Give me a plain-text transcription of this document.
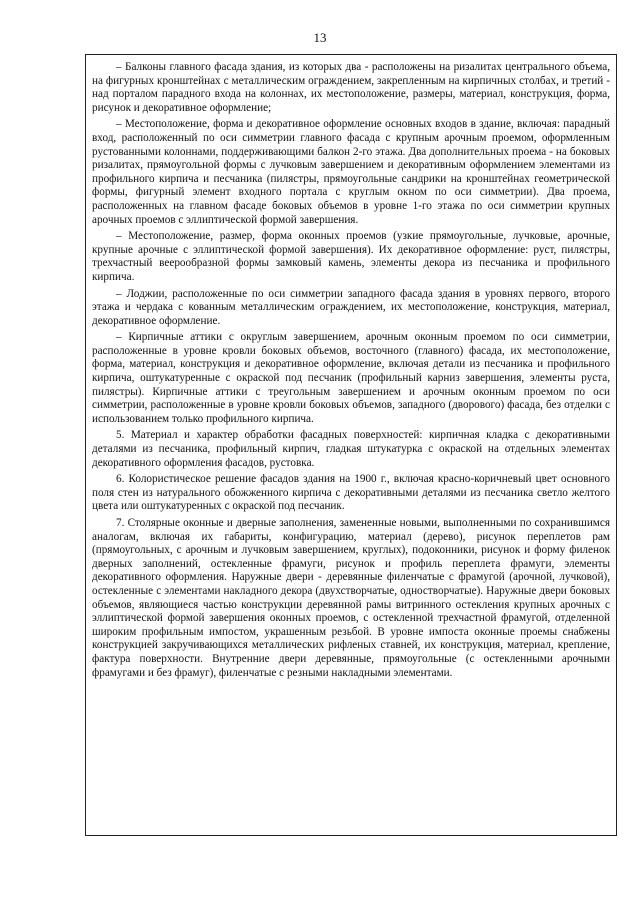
13

– Балконы главного фасада здания, из которых два - расположены на ризалитах центрального объема, на фигурных кронштейнах с металлическим ограждением, закрепленным на кирпичных столбах, и третий - над порталом парадного входа на колоннах, их местоположение, размеры, материал, конструкция, форма, рисунок и декоративное оформление;

– Местоположение, форма и декоративное оформление основных входов в здание, включая: парадный вход, расположенный по оси симметрии главного фасада с крупным арочным проемом, оформленным рустованными колоннами, поддерживающими балкон 2-го этажа. Два дополнительных проема - на боковых ризалитах, прямоугольной формы с лучковым завершением и декоративным оформлением элементами из профильного кирпича и песчаника (пилястры, прямоугольные сандрики на кронштейнах геометрической формы, фигурный элемент входного портала с круглым окном по оси симметрии). Два проема, расположенных на главном фасаде боковых объемов в уровне 1-го этажа по оси симметрии крупных арочных проемов с эллиптической формой завершения.

– Местоположение, размер, форма оконных проемов (узкие прямоугольные, лучковые, арочные, крупные арочные с эллиптической формой завершения). Их декоративное оформление: руст, пилястры, трехчастный веерообразной формы замковый камень, элементы декора из песчаника и профильного кирпича.

– Лоджии, расположенные по оси симметрии западного фасада здания в уровнях первого, второго этажа и чердака с кованным металлическим ограждением, их местоположение, конструкция, материал, декоративное оформление.

– Кирпичные аттики с округлым завершением, арочным оконным проемом по оси симметрии, расположенные в уровне кровли боковых объемов, восточного (главного) фасада, их местоположение, форма, материал, конструкция и декоративное оформление, включая детали из песчаника и профильного кирпича, оштукатуренные с окраской под песчаник (профильный карниз завершения, элементы руста, пилястры). Кирпичные аттики с треугольным завершением и арочным оконным проемом по оси симметрии, расположенные в уровне кровли боковых объемов, западного (дворового) фасада, без отделки с использованием только профильного кирпича.

5. Материал и характер обработки фасадных поверхностей: кирпичная кладка с декоративными деталями из песчаника, профильный кирпич, гладкая штукатурка с окраской на отдельных элементах декоративного оформления фасадов, рустовка.

6. Колористическое решение фасадов здания на 1900 г., включая красно-коричневый цвет основного поля стен из натурального обожженного кирпича с декоративными деталями из песчаника светло желтого цвета или оштукатуренных с окраской под песчаник.

7. Столярные оконные и дверные заполнения, замененные новыми, выполненными по сохранившимся аналогам, включая их габариты, конфигурацию, материал (дерево), рисунок переплетов рам (прямоугольных, с арочным и лучковым завершением, круглых), подоконники, рисунок и форму филенок дверных заполнений, остекленные фрамуги, рисунок и профиль переплета фрамуги, элементы декоративного оформления. Наружные двери - деревянные филенчатые с фрамугой (арочной, лучковой), остекленные с элементами накладного декора (двухстворчатые, одностворчатые). Наружные двери боковых объемов, являющиеся частью конструкции деревянной рамы витринного остекления крупных арочных с эллиптической формой завершения оконных проемов, с остекленной трехчастной фрамугой, отделенной широким профильным импостом, украшенным резьбой. В уровне импоста оконные проемы снабжены конструкцией закручивающихся металлических рифленых ставней, их конструкция, материал, крепление, фактура поверхности. Внутренние двери деревянные, прямоугольные (с остекленными арочными фрамугами и без фрамуг), филенчатые с резными накладными элементами.
